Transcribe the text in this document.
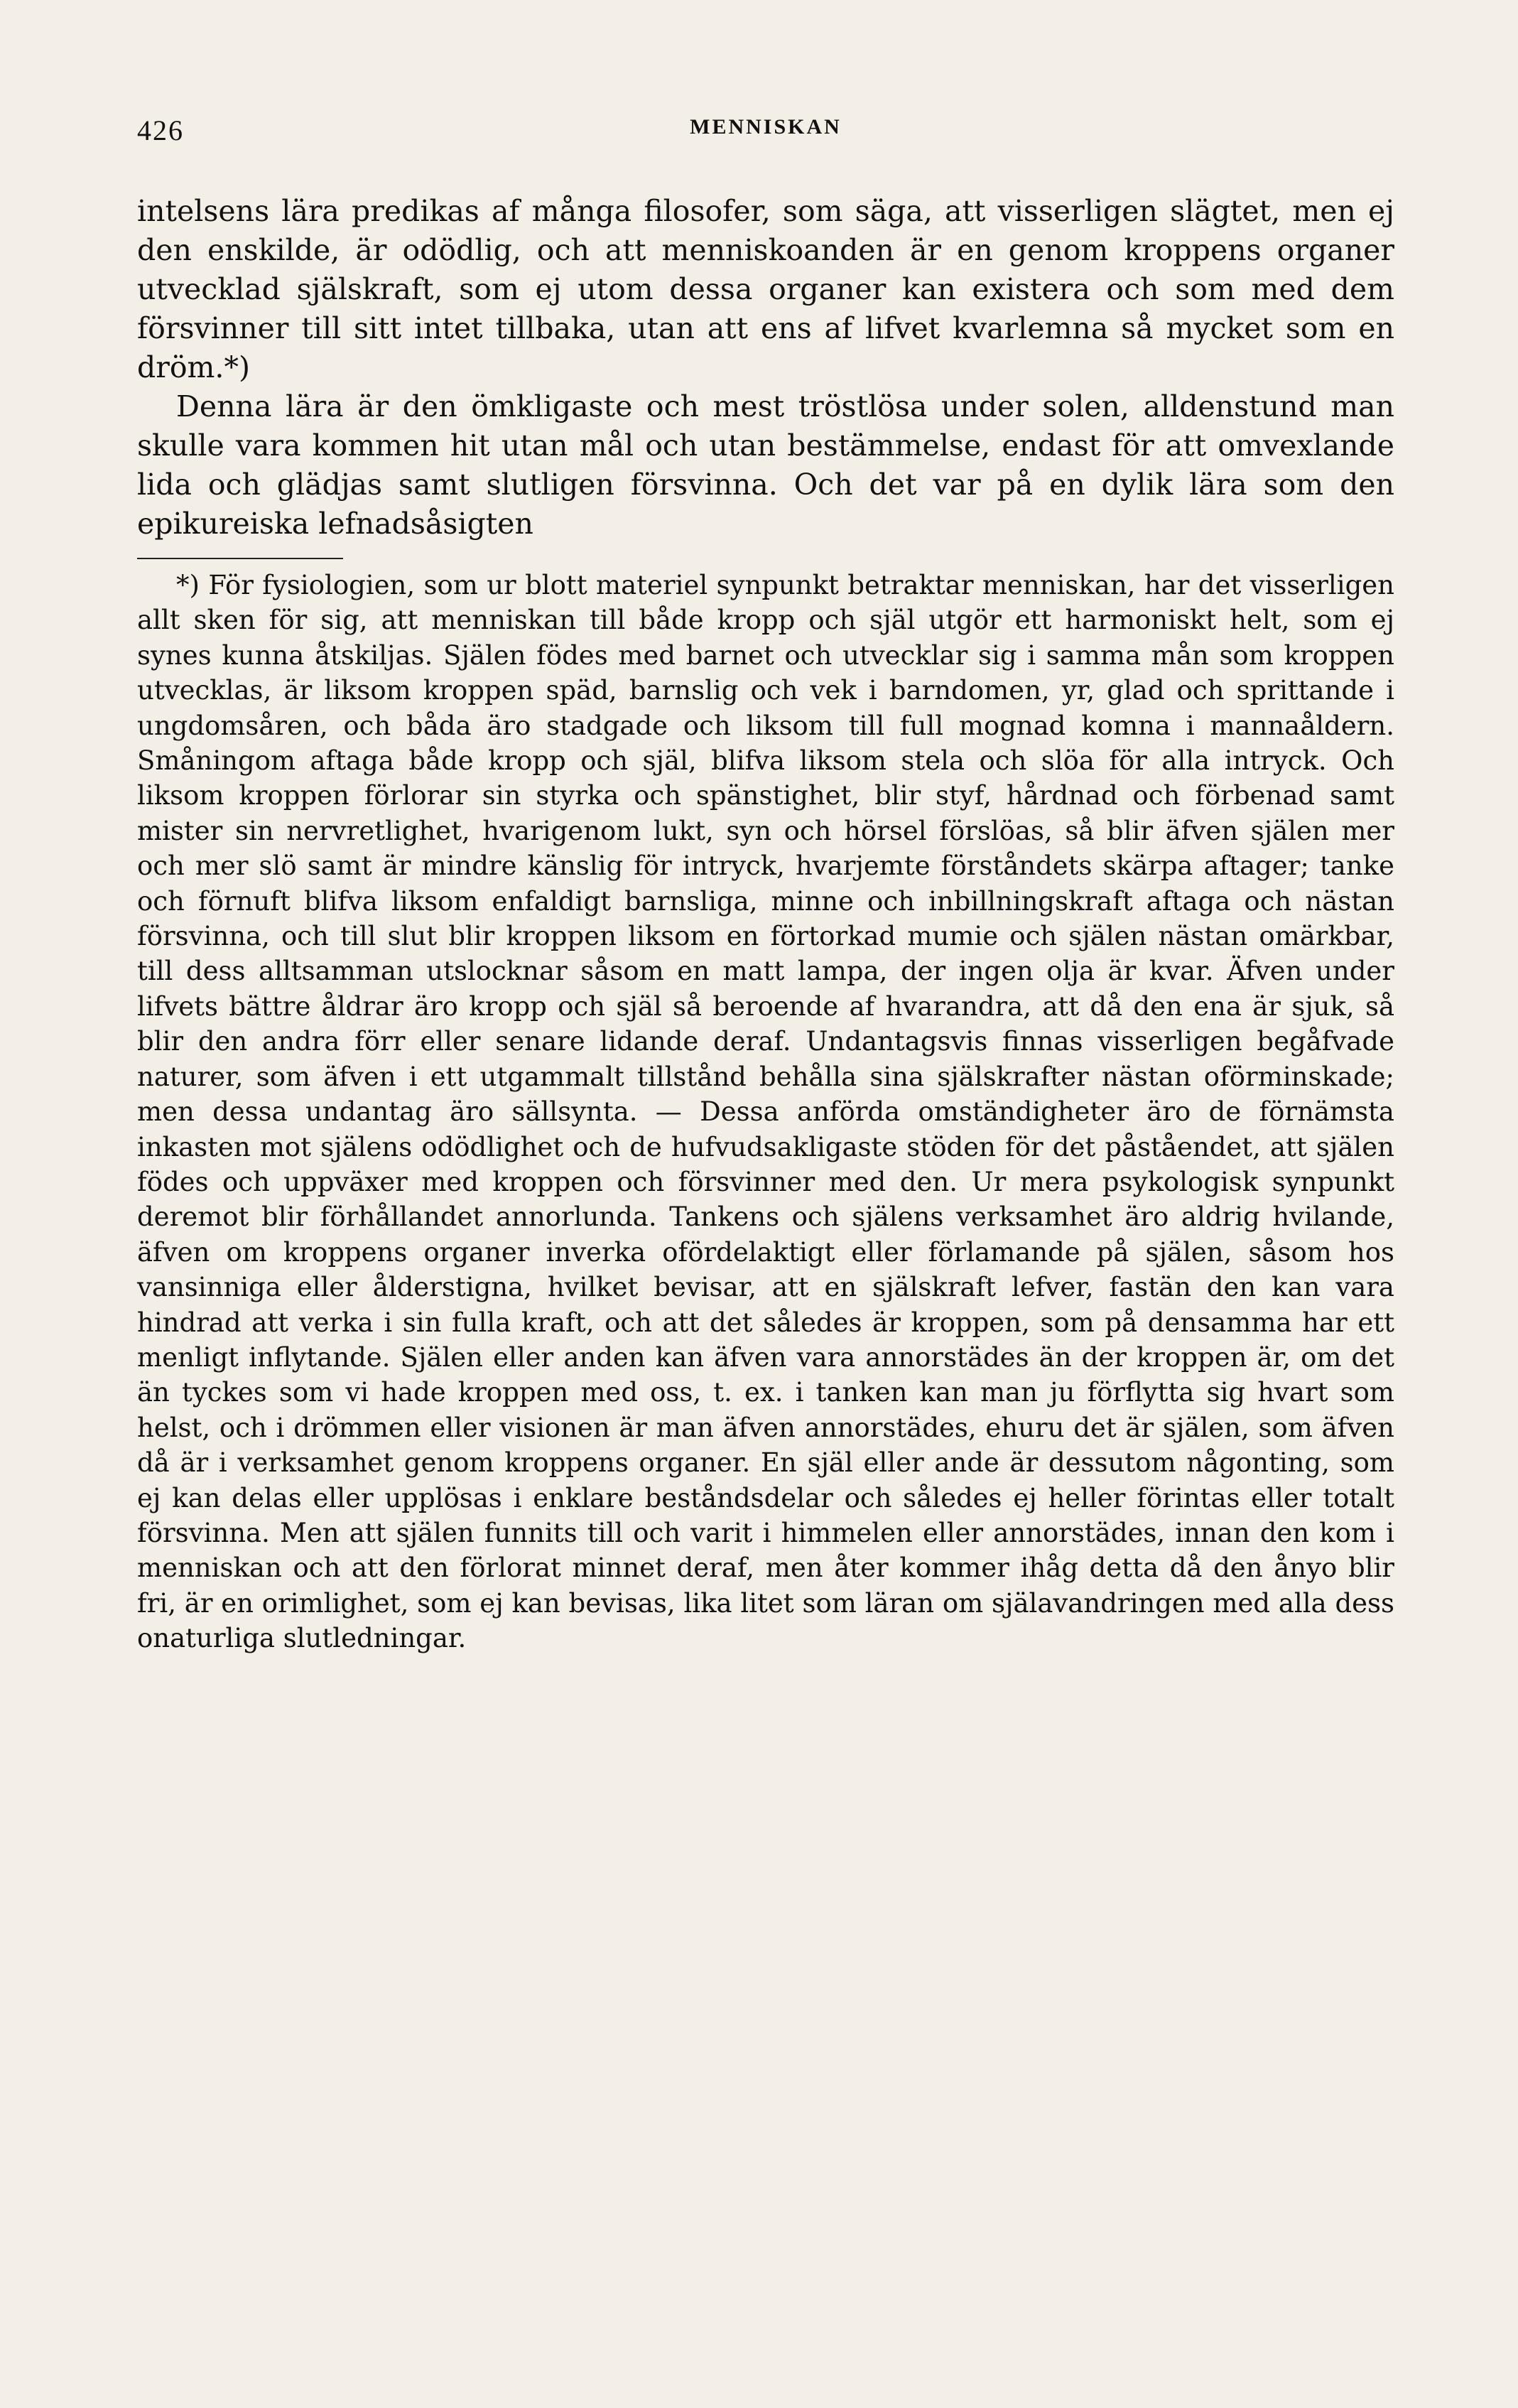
426	MENNISKAN

intelsens lära predikas af många filosofer, som säga, att visserligen slägtet, men ej den enskilde, är odödlig, och att menniskoanden är en genom kroppens organer utvecklad själskraft, som ej utom dessa organer kan existera och som med dem försvinner till sitt intet tillbaka, utan att ens af lifvet kvarlemna så mycket som en dröm.*)

Denna lära är den ömkligaste och mest tröstlösa under solen, alldenstund man skulle vara kommen hit utan mål och utan bestämmelse, endast för att omvexlande lida och glädjas samt slutligen försvinna. Och det var på en dylik lära som den epikureiska lefnadsåsigten

*) För fysiologien, som ur blott materiel synpunkt betraktar menniskan, har det visserligen allt sken för sig, att menniskan till både kropp och själ utgör ett harmoniskt helt, som ej synes kunna åtskiljas. Själen födes med barnet och utvecklar sig i samma mån som kroppen utvecklas, är liksom kroppen späd, barnslig och vek i barndomen, yr, glad och sprittande i ungdomsåren, och båda äro stadgade och liksom till full mognad komna i mannaåldern. Småningom aftaga både kropp och själ, blifva liksom stela och slöa för alla intryck. Och liksom kroppen förlorar sin styrka och spänstighet, blir styf, hårdnad och förbenad samt mister sin nervretlighet, hvarigenom lukt, syn och hörsel förslöas, så blir äfven själen mer och mer slö samt är mindre känslig för intryck, hvarjemte förståndets skärpa aftager; tanke och förnuft blifva liksom enfaldigt barnsliga, minne och inbillningskraft aftaga och nästan försvinna, och till slut blir kroppen liksom en förtorkad mumie och själen nästan omärkbar, till dess alltsamman utslocknar såsom en matt lampa, der ingen olja är kvar. Äfven under lifvets bättre åldrar äro kropp och själ så beroende af hvarandra, att då den ena är sjuk, så blir den andra förr eller senare lidande deraf. Undantagsvis finnas visserligen begåfvade naturer, som äfven i ett utgammalt tillstånd behålla sina själskrafter nästan oförminskade; men dessa undantag äro sällsynta. — Dessa anförda omständigheter äro de förnämsta inkasten mot själens odödlighet och de hufvudsakligaste stöden för det påståendet, att själen födes och uppväxer med kroppen och försvinner med den. Ur mera psykologisk synpunkt deremot blir förhållandet annorlunda. Tankens och själens verksamhet äro aldrig hvilande, äfven om kroppens organer inverka ofördelaktigt eller förlamande på själen, såsom hos vansinniga eller ålderstigna, hvilket bevisar, att en själskraft lefver, fastän den kan vara hindrad att verka i sin fulla kraft, och att det således är kroppen, som på densamma har ett menligt inflytande. Själen eller anden kan äfven vara annorstädes än der kroppen är, om det än tyckes som vi hade kroppen med oss, t. ex. i tanken kan man ju förflytta sig hvart som helst, och i drömmen eller visionen är man äfven annorstädes, ehuru det är själen, som äfven då är i verksamhet genom kroppens organer. En själ eller ande är dessutom någonting, som ej kan delas eller upplösas i enklare beståndsdelar och således ej heller förintas eller totalt försvinna. Men att själen funnits till och varit i himmelen eller annorstädes, innan den kom i menniskan och att den förlorat minnet deraf, men åter kommer ihåg detta då den ånyo blir fri, är en orimlighet, som ej kan bevisas, lika litet som läran om själavandringen med alla dess onaturliga slutledningar.
